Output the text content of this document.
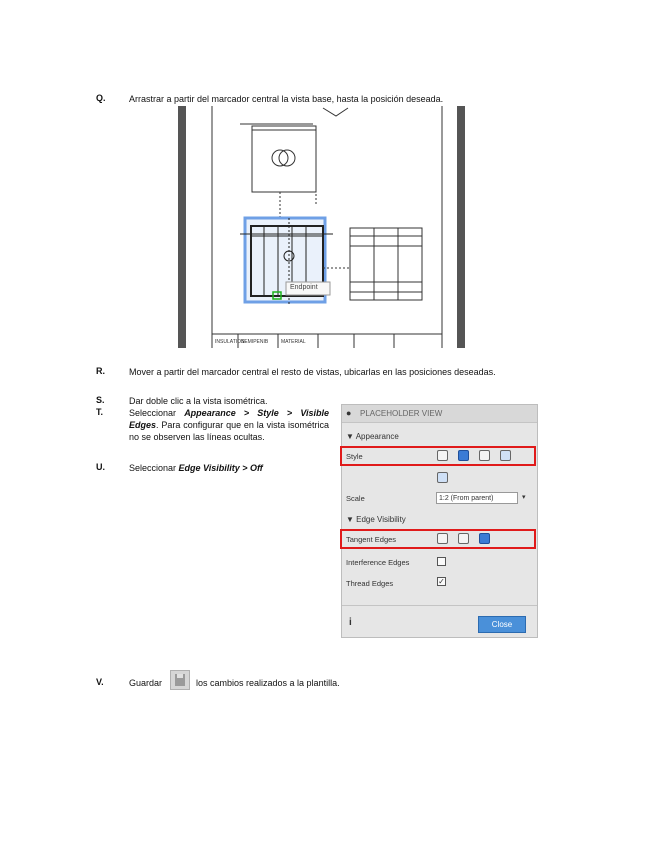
Q.	Arrastrar a partir del marcador central la vista base, hasta la posición deseada.
Endpoint
INSULATION
SEMIPENIB	MATERIAL
R.	Mover a partir del marcador central el resto de vistas, ubicarlas en las posiciones deseadas.
S.	Dar doble clic a la vista isométrica.
T.	Seleccionar Appearance > Style > Visible Edges. Para configurar que en la vista isométrica no se observen las líneas ocultas.
U.	Seleccionar Edge Visibility > Off
● PLACEHOLDER VIEW
▼ Appearance
Style
Scale	1:2 (From parent)	▾
▼ Edge Visibility
Tangent Edges
Interference Edges
Thread Edges	✓
i	Close
V.	Guardar	los cambios realizados a la plantilla.
